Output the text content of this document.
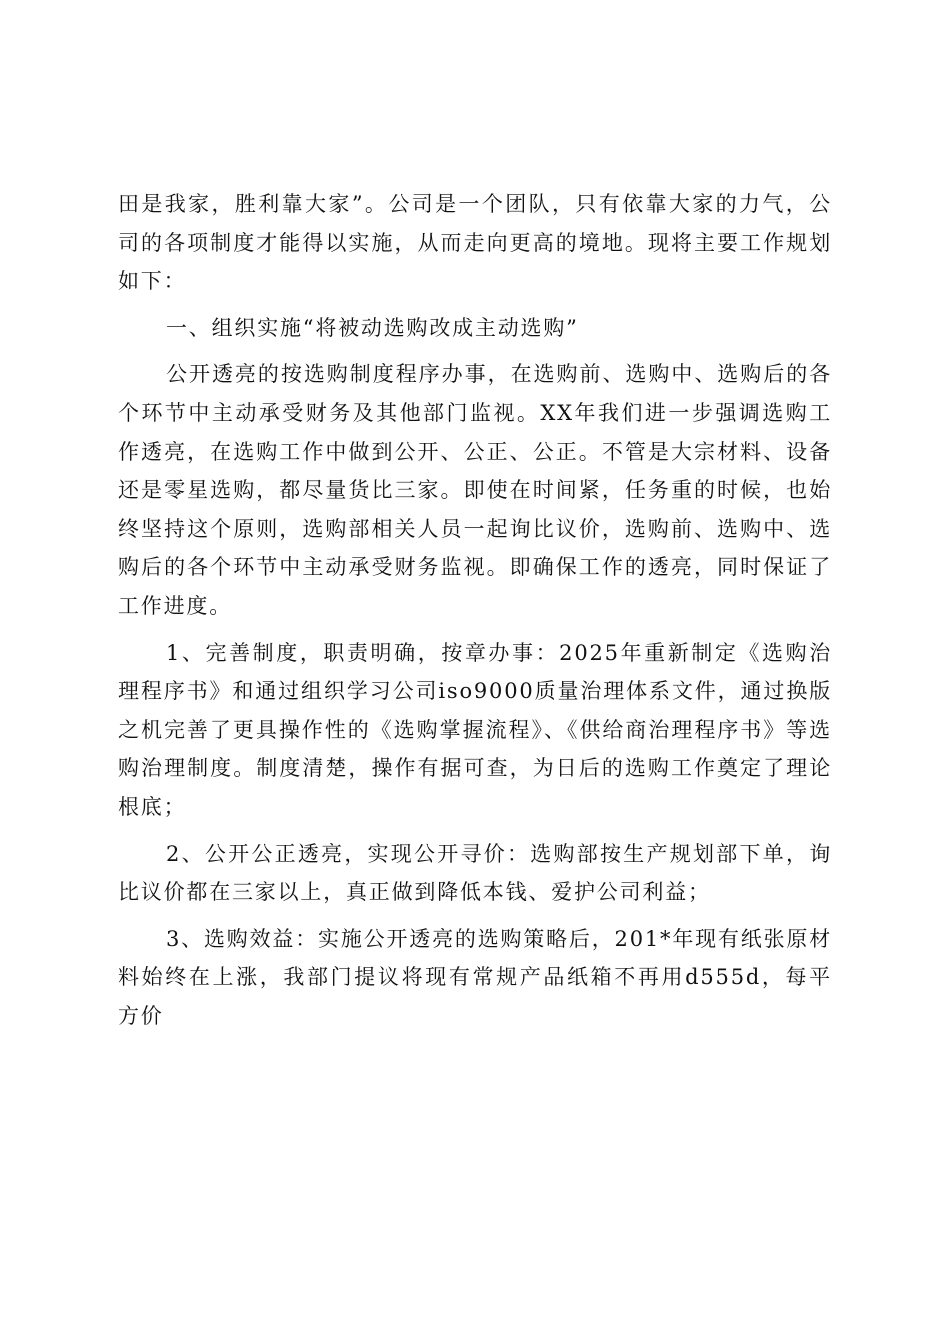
田是我家，胜利靠大家”。公司是一个团队，只有依靠大家的力气，公司的各项制度才能得以实施，从而走向更高的境地。现将主要工作规划如下：

一、组织实施“将被动选购改成主动选购”

公开透亮的按选购制度程序办事，在选购前、选购中、选购后的各个环节中主动承受财务及其他部门监视。XX年我们进一步强调选购工作透亮，在选购工作中做到公开、公正、公正。不管是大宗材料、设备还是零星选购，都尽量货比三家。即使在时间紧，任务重的时候，也始终坚持这个原则，选购部相关人员一起询比议价，选购前、选购中、选购后的各个环节中主动承受财务监视。即确保工作的透亮，同时保证了工作进度。

1、完善制度，职责明确，按章办事：2025年重新制定《选购治理程序书》和通过组织学习公司iso9000质量治理体系文件，通过换版之机完善了更具操作性的《选购掌握流程》、《供给商治理程序书》等选购治理制度。制度清楚，操作有据可查，为日后的选购工作奠定了理论根底；

2、公开公正透亮，实现公开寻价：选购部按生产规划部下单，询比议价都在三家以上，真正做到降低本钱、爱护公司利益；

3、选购效益：实施公开透亮的选购策略后，201*年现有纸张原材料始终在上涨，我部门提议将现有常规产品纸箱不再用d555d，每平方价
